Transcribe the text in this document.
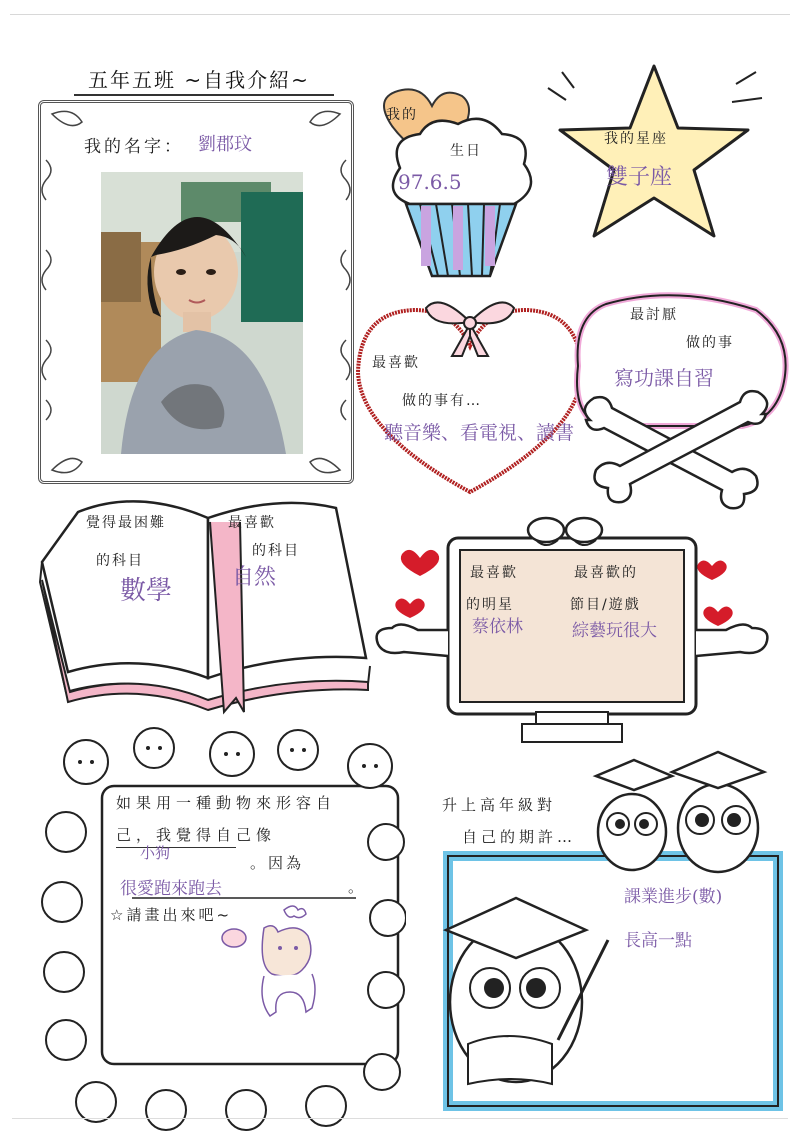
五年五班 ~自我介紹~
我的名字： 劉郡玟
我的
生日
97.6.5
我的星座
雙子座
最喜歡
做的事有…
聽音樂、看電視、讀書
最討厭
做的事
寫功課自習
覺得最困難
的科目
數學
最喜歡
的科目
自然	最喜歡
的明星
蔡依林
最喜歡的
節目/遊戲
綜藝玩很大
如果用一種動物來形容自
己，我覺得自己像
小狗
。因為
很愛跑來跑去	。
☆請畫出來吧~
升上高年級對
自己的期許…
課業進步(數)
長高一點
